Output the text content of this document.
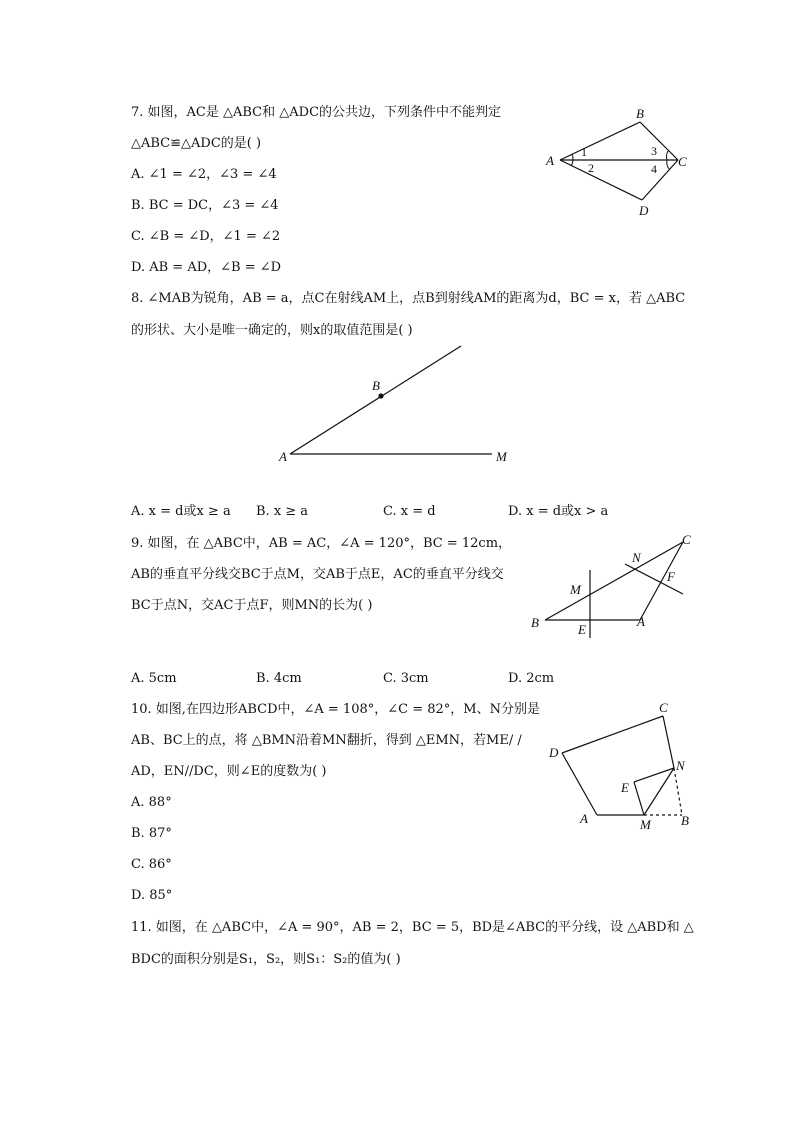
7. 如图，AC是 △ABC和 △ADC的公共边，下列条件中不能判定
△ABC≌△ADC的是( )
A. ∠1 = ∠2，∠3 = ∠4
B. BC = DC，∠3 = ∠4
C. ∠B = ∠D，∠1 = ∠2
D. AB = AD，∠B = ∠D
A
B
C
D
1
2
3
4
8. ∠MAB为锐角，AB = a，点C在射线AM上，点B到射线AM的距离为d，BC = x，若 △ABC
的形状、大小是唯一确定的，则x的取值范围是( )
A
B
M
A. x = d或x ≥ a B. x ≥ a	C. x = d	D. x = d或x > a
9. 如图，在 △ABC中，AB = AC，∠A = 120°，BC = 12cm，
AB的垂直平分线交BC于点M，交AB于点E，AC的垂直平分线交
BC于点N，交AC于点F，则MN的长为( )
B	A
C
E
M
N
F
A. 5cm	B. 4cm	C. 3cm	D. 2cm
10. 如图,在四边形ABCD中，∠A = 108°，∠C = 82°，M、N分别是
AB、BC上的点，将 △BMN沿着MN翻折，得到 △EMN，若ME/ /
AD，EN//DC，则∠E的度数为( )
A. 88°
B. 87°
C. 86°
D. 85°
A	B
C
D
E
M
N
11. 如图，在 △ABC中，∠A = 90°，AB = 2，BC = 5，BD是∠ABC的平分线，设 △ABD和 △
BDC的面积分别是S₁，S₂，则S₁：S₂的值为( )
